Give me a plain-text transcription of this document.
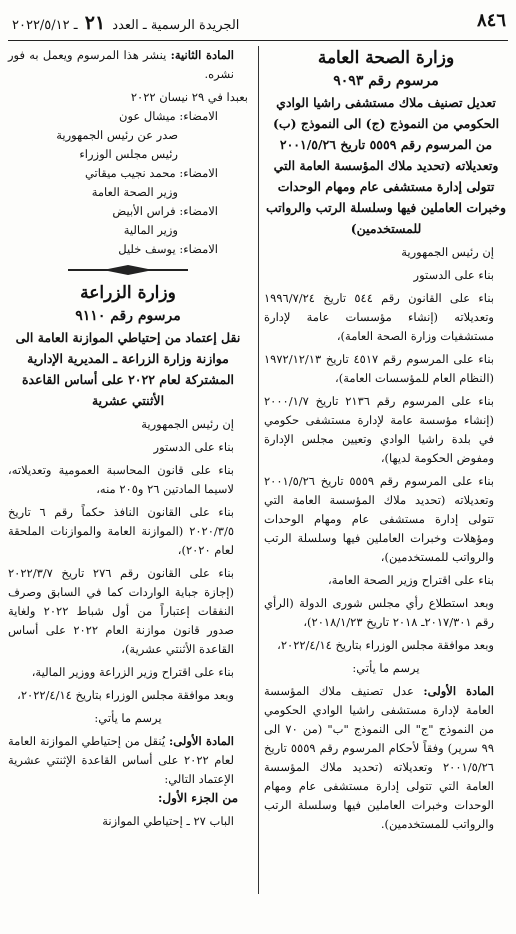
٨٤٦
الجريدة الرسمية ـ العدد ٢١ ـ ٢٠٢٢/٥/١٢
وزارة الصحة العامة
مرسوم رقم ٩٠٩٣
تعديل تصنيف ملاك مستشفى راشيا الوادي الحكومي من النموذج (ج) الى النموذج (ب) من المرسوم رقم ٥٥٥٩ تاريخ ٢٠٠١/٥/٢٦ وتعديلاته (تحديد ملاك المؤسسة العامة التي تتولى إدارة مستشفى عام ومهام الوحدات وخبرات العاملين فيها وسلسلة الرتب والرواتب للمستخدمين)

إن رئيس الجمهورية

بناء على الدستور

بناء على القانون رقم ٥٤٤ تاريخ ١٩٩٦/٧/٢٤ وتعديلاته (إنشاء مؤسسات عامة لإدارة مستشفيات وزارة الصحة العامة)،

بناء على المرسوم رقم ٤٥١٧ تاريخ ١٩٧٢/١٢/١٣ (النظام العام للمؤسسات العامة)،

بناء على المرسوم رقم ٢١٣٦ تاريخ ٢٠٠٠/١/٧ (إنشاء مؤسسة عامة لإدارة مستشفى حكومي في بلدة راشيا الوادي وتعيين مجلس الإدارة ومفوض الحكومة لديها)،

بناء على المرسوم رقم ٥٥٥٩ تاريخ ٢٠٠١/٥/٢٦ وتعديلاته (تحديد ملاك المؤسسة العامة التي تتولى إدارة مستشفى عام ومهام الوحدات ومؤهلات وخبرات العاملين فيها وسلسلة الرتب والرواتب للمستخدمين)،

بناء على اقتراح وزير الصحة العامة،

وبعد استطلاع رأي مجلس شورى الدولة (الرأي رقم ٢٠١٧/٣٠١ـ ٢٠١٨ تاريخ ٢٠١٨/١/٢٣)،

وبعد موافقة مجلس الوزراء بتاريخ ٢٠٢٢/٤/١٤،

يرسم ما يأتي:

المادة الأولى: عدل تصنيف ملاك المؤسسة العامة لإدارة مستشفى راشيا الوادي الحكومي من النموذج "ج" الى النموذج "ب" (من ٧٠ الى ٩٩ سرير) وفقاً لأحكام المرسوم رقم ٥٥٥٩ تاريخ ٢٠٠١/٥/٢٦ وتعديلاته (تحديد ملاك المؤسسة العامة التي تتولى إدارة مستشفى عام ومهام الوحدات وخبرات العاملين فيها وسلسلة الرتب والرواتب للمستخدمين).

المادة الثانية: ينشر هذا المرسوم ويعمل به فور نشره.

بعبدا في ٢٩ نيسان ٢٠٢٢

الامضاء: ميشال عون

صدر عن رئيس الجمهورية

رئيس مجلس الوزراء

الامضاء: محمد نجيب ميقاتي

وزير الصحة العامة

الامضاء: فراس الأبيض

وزير المالية

الامضاء: يوسف خليل

وزارة الزراعة
مرسوم رقم ٩١١٠
نقل إعتماد من إحتياطي الموازنة العامة الى موازنة وزارة الزراعة ـ المديرية الإدارية المشتركة لعام ٢٠٢٢ على أساس القاعدة الأثنتي عشرية

إن رئيس الجمهورية

بناء على الدستور

بناء على قانون المحاسبة العمومية وتعديلاته، لاسيما المادتين ٢٦ و٢٠٥ منه،

بناء على القانون النافذ حكماً رقم ٦ تاريخ ٢٠٢٠/٣/٥ (الموازنة العامة والموازنات الملحقة لعام ٢٠٢٠)،

بناء على القانون رقم ٢٧٦ تاريخ ٢٠٢٢/٣/٧ (إجازة جباية الواردات كما في السابق وصرف النفقات إعتباراً من أول شباط ٢٠٢٢ ولغاية صدور قانون موازنة العام ٢٠٢٢ على أساس القاعدة الأثنتي عشرية)،

بناء على اقتراح وزير الزراعة ووزير المالية،

وبعد موافقة مجلس الوزراء بتاريخ ٢٠٢٢/٤/١٤،

يرسم ما يأتي:

المادة الأولى: يُنقل من إحتياطي الموازنة العامة لعام ٢٠٢٢ على أساس القاعدة الإثنتي عشرية الإعتماد التالي:

من الجزء الأول:

الباب ٢٧ ـ إحتياطي الموازنة
